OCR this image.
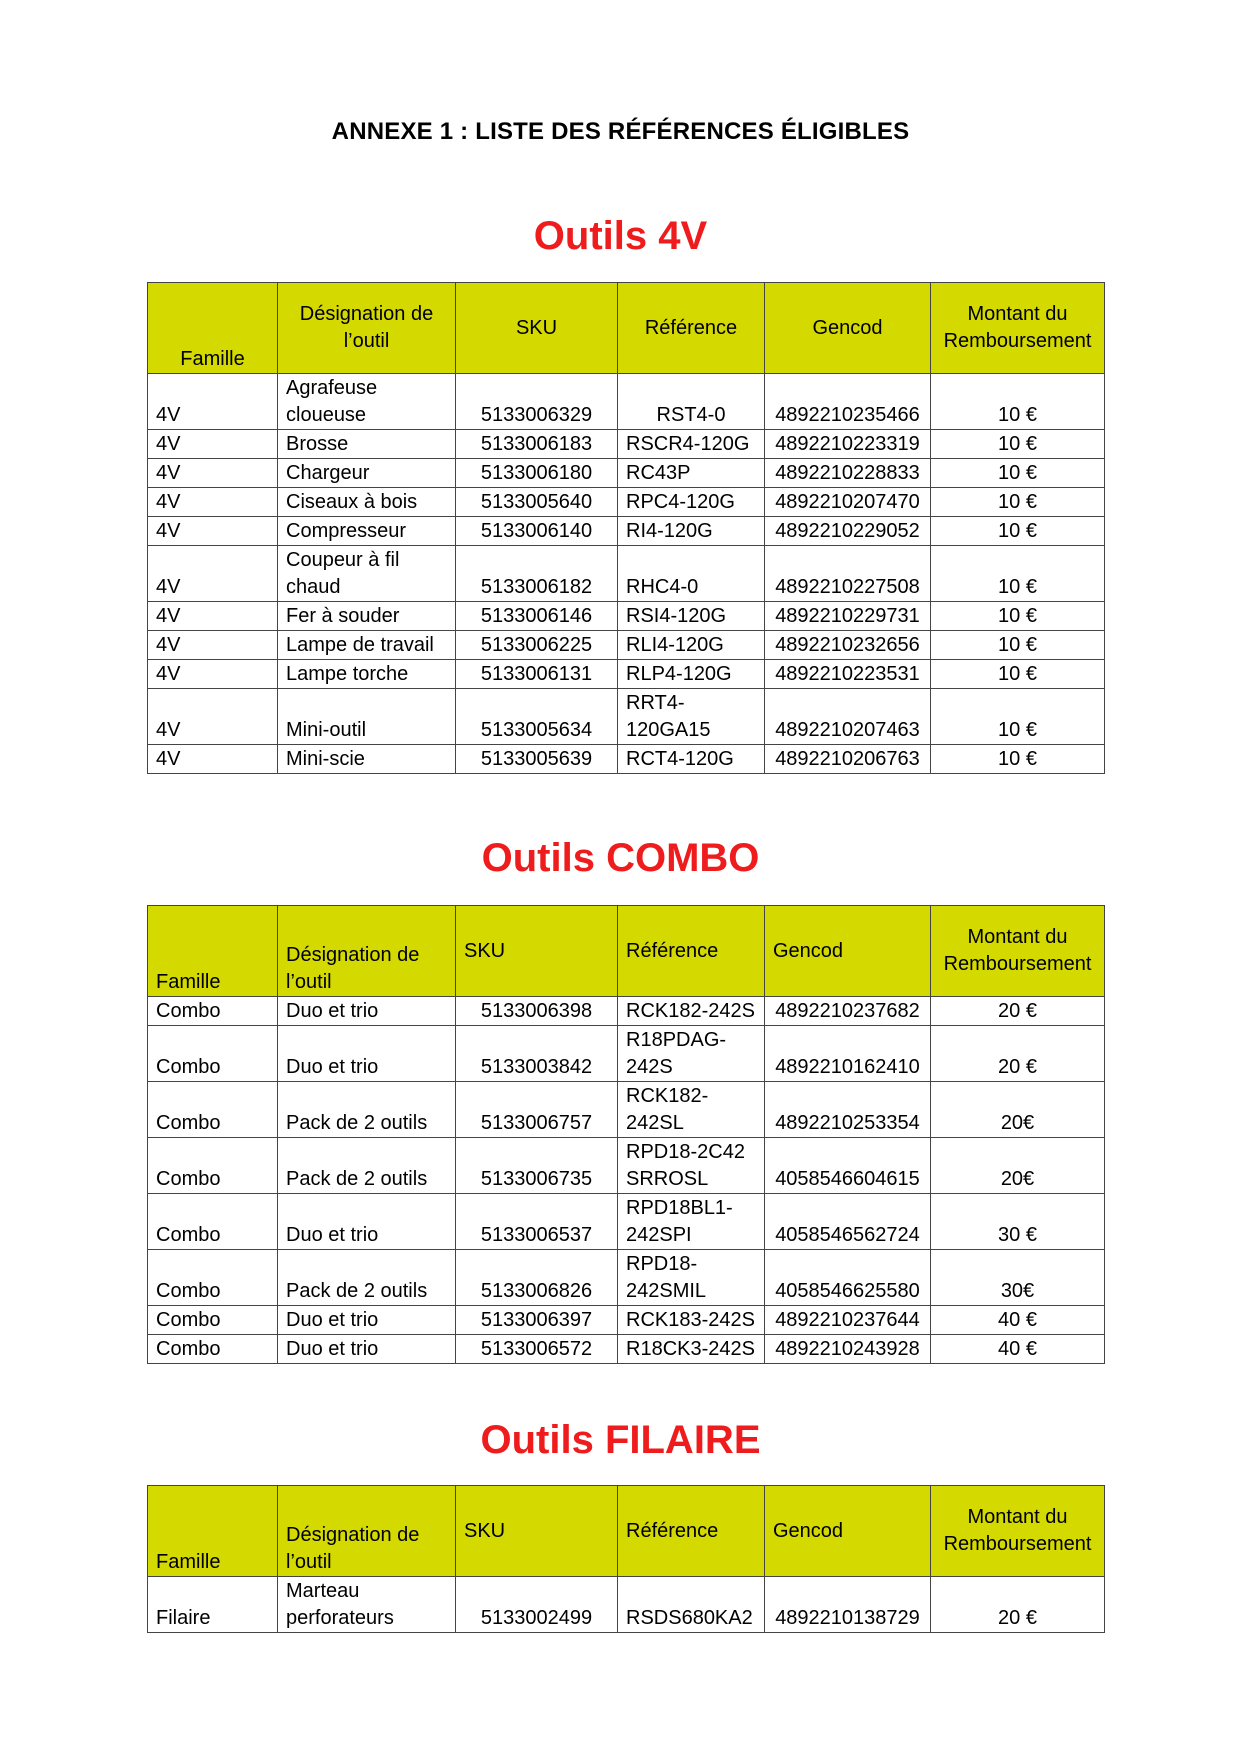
ANNEXE 1 : LISTE DES RÉFÉRENCES ÉLIGIBLES
Outils 4V
Famille	Désignation de l’outil	SKU	Référence	Gencod	Montant du Remboursement
4V	Agrafeuse cloueuse	5133006329	RST4-0	4892210235466	10 €
4V	Brosse	5133006183	RSCR4-120G	4892210223319	10 €
4V	Chargeur	5133006180	RC43P	4892210228833	10 €
4V	Ciseaux à bois	5133005640	RPC4-120G	4892210207470	10 €
4V	Compresseur	5133006140	RI4-120G	4892210229052	10 €
4V	Coupeur à fil chaud	5133006182	RHC4-0	4892210227508	10 €
4V	Fer à souder	5133006146	RSI4-120G	4892210229731	10 €
4V	Lampe de travail	5133006225	RLI4-120G	4892210232656	10 €
4V	Lampe torche	5133006131	RLP4-120G	4892210223531	10 €
4V	Mini-outil	5133005634	RRT4-120GA15	4892210207463	10 €
4V	Mini-scie	5133005639	RCT4-120G	4892210206763	10 €
Outils COMBO
Famille	Désignation de l’outil	SKU	Référence	Gencod	Montant du Remboursement
Combo	Duo et trio	5133006398	RCK182-242S	4892210237682	20 €
Combo	Duo et trio	5133003842	R18PDAG-242S	4892210162410	20 €
Combo	Pack de 2 outils	5133006757	RCK182-242SL	4892210253354	20€
Combo	Pack de 2 outils	5133006735	RPD18-2C42SRROSL	4058546604615	20€
Combo	Duo et trio	5133006537	RPD18BL1-242SPI	4058546562724	30 €
Combo	Pack de 2 outils	5133006826	RPD18-242SMIL	4058546625580	30€
Combo	Duo et trio	5133006397	RCK183-242S	4892210237644	40 €
Combo	Duo et trio	5133006572	R18CK3-242S	4892210243928	40 €
Outils FILAIRE
Famille	Désignation de l’outil	SKU	Référence	Gencod	Montant du Remboursement
Filaire	Marteau perforateurs	5133002499	RSDS680KA2	4892210138729	20 €
